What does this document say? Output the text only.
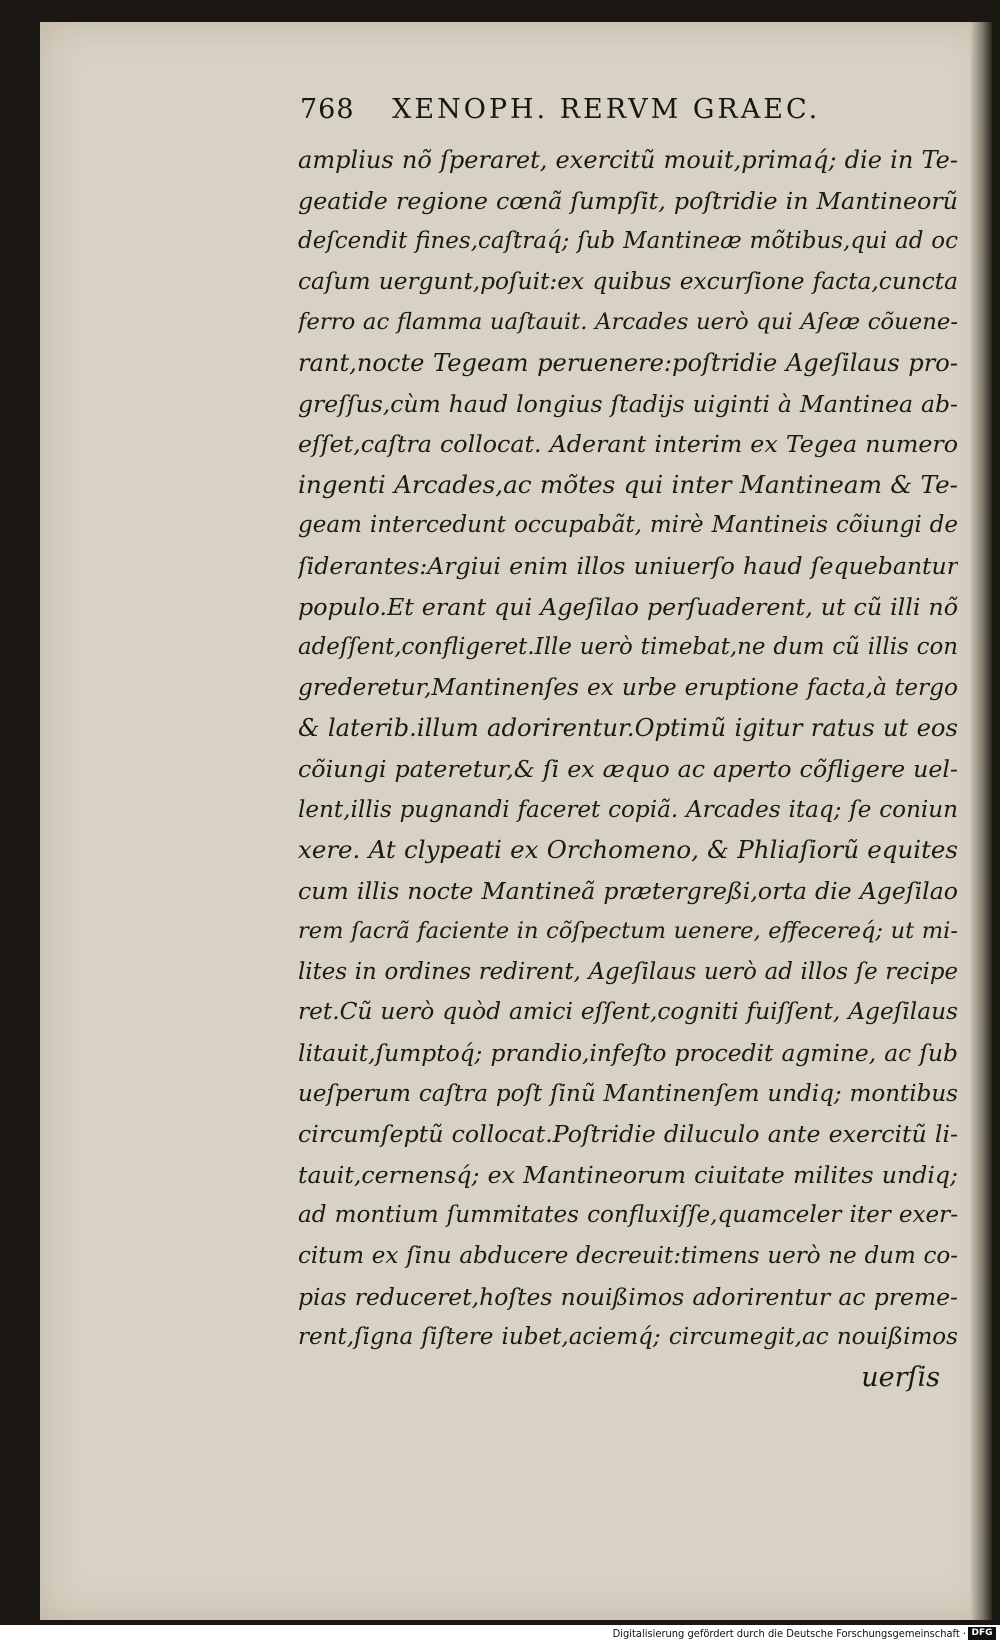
768 XENOPH. RERVM GRAEC.
amplius nõ ſperaret, exercitũ mouit,primaq́; die in Te-
geatide regione cœnã ſumpſit, poſtridie in Mantineorũ
deſcendit fines,caſtraq́; ſub Mantineæ mõtibus,qui ad oc
caſum uergunt,poſuit:ex quibus excurſione facta,cuncta
ferro ac flamma uaſtauit. Arcades uerò qui Aſeæ cõuene-
rant,nocte Tegeam peruenere:poſtridie Ageſilaus pro-
greſſus,cùm haud longius ſtadijs uiginti à Mantinea ab-
eſſet,caſtra collocat. Aderant interim ex Tegea numero
ingenti Arcades,ac mõtes qui inter Mantineam & Te-
geam intercedunt occupabãt, mirè Mantineis cõiungi de
ſiderantes:Argiui enim illos uniuerſo haud ſequebantur
populo.Et erant qui Ageſilao perſuaderent, ut cũ illi nõ
adeſſent,confligeret.Ille uerò timebat,ne dum cũ illis con
grederetur,Mantinenſes ex urbe eruptione facta,à tergo
& laterib.illum adorirentur.Optimũ igitur ratus ut eos
cõiungi pateretur,& ſi ex æquo ac aperto cõfligere uel-
lent,illis pugnandi faceret copiã. Arcades itaq; ſe coniun
xere. At clypeati ex Orchomeno, & Phliaſiorũ equites
cum illis nocte Mantineã prætergreßi,orta die Ageſilao
rem ſacrã faciente in cõſpectum uenere, effecereq́; ut mi-
lites in ordines redirent, Ageſilaus uerò ad illos ſe recipe
ret.Cũ uerò quòd amici eſſent,cogniti fuiſſent, Ageſilaus
litauit,ſumptoq́; prandio,infeſto procedit agmine, ac ſub
ueſperum caſtra poſt ſinũ Mantinenſem undiq; montibus
circumſeptũ collocat.Poſtridie diluculo ante exercitũ li-
tauit,cernensq́; ex Mantineorum ciuitate milites undiq;
ad montium ſummitates confluxiſſe,quamceler iter exer-
citum ex ſinu abducere decreuit:timens uerò ne dum co-
pias reduceret,hoſtes nouißimos adorirentur ac preme-
rent,ſigna ſiſtere iubet,aciemq́; circumegit,ac nouißimos
uerſis
Digitalisierung gefördert durch die Deutsche Forschungsgemeinschaft · DFG
